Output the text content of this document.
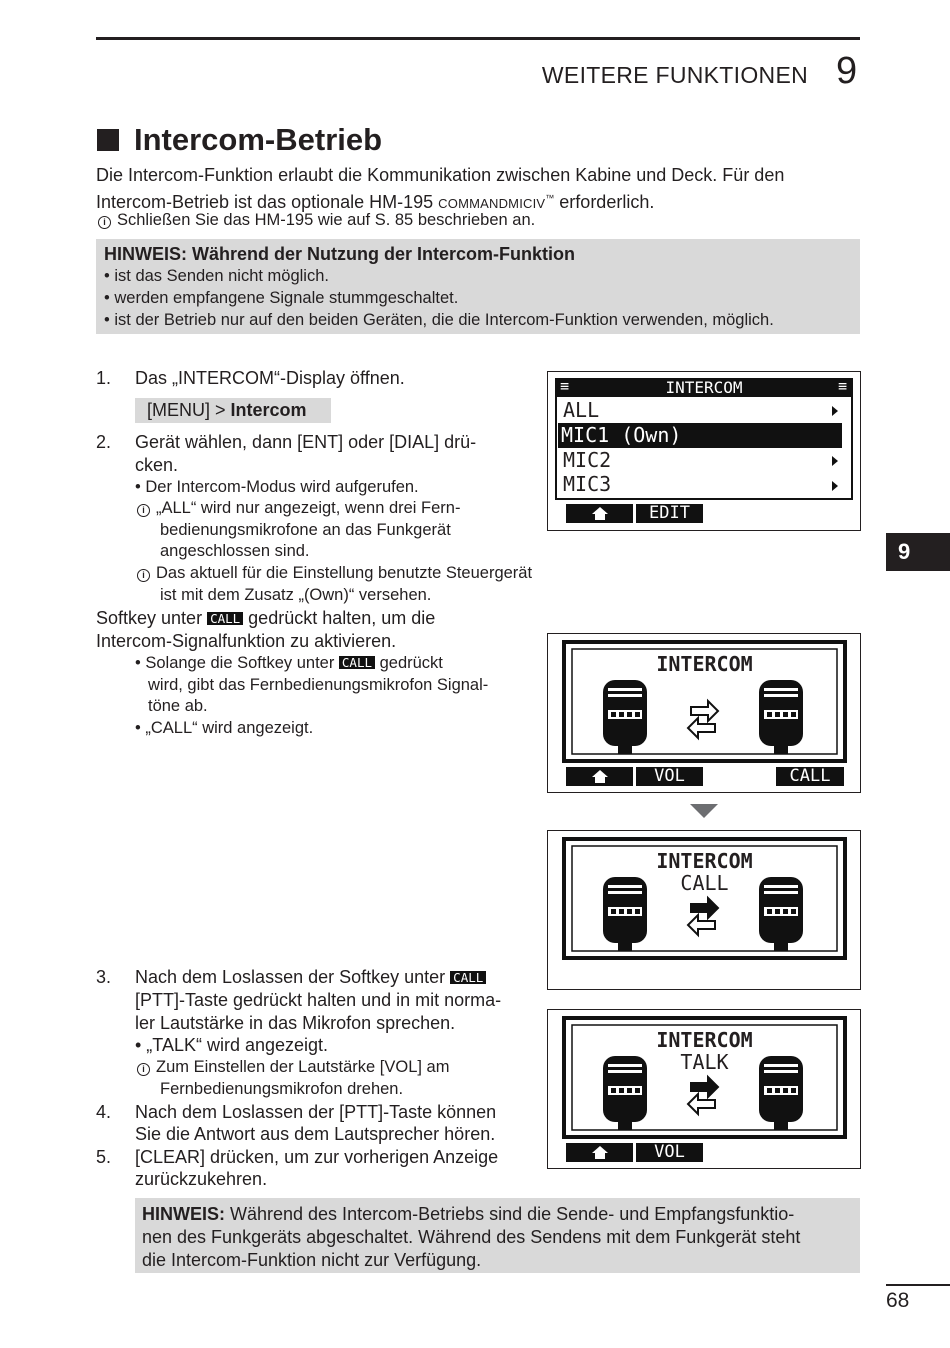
WEITERE FUNKTIONEN 9
Intercom-Betrieb
Die Intercom-Funktion erlaubt die Kommunikation zwischen Kabine und Deck. Für den
Intercom-Betrieb ist das optionale HM-195 COMMANDMICIV™ erforderlich.
i Schließen Sie das HM-195 wie auf S. 85 beschrieben an.
HINWEIS: Während der Nutzung der Intercom-Funktion
• ist das Senden nicht möglich.
• werden empfangene Signale stummgeschaltet.
• ist der Betrieb nur auf den beiden Geräten, die die Intercom-Funktion verwenden, möglich.
1. Das „INTERCOM“-Display öffnen.
[MENU] > Intercom
2. Gerät wählen, dann [ENT] oder [DIAL] drü-
cken.
• Der Intercom-Modus wird aufgerufen.
i „ALL“ wird nur angezeigt, wenn drei Fern-
bedienungsmikrofone an das Funkgerät
angeschlossen sind.
i Das aktuell für die Einstellung benutzte Steuergerät
ist mit dem Zusatz „(Own)“ versehen.
Softkey unter CALL gedrückt halten, um die
Intercom-Signalfunktion zu aktivieren.
• Solange die Softkey unter CALL gedrückt
wird, gibt das Fernbedienungsmikrofon Signal-
töne ab.
• „CALL“ wird angezeigt.
3. Nach dem Loslassen der Softkey unter CALL
[PTT]-Taste gedrückt halten und in mit norma-
ler Lautstärke in das Mikrofon sprechen.
• „TALK“ wird angezeigt.
i Zum Einstellen der Lautstärke [VOL] am
Fernbedienungsmikrofon drehen.
4. Nach dem Loslassen der [PTT]-Taste können
Sie die Antwort aus dem Lautsprecher hören.
5. [CLEAR] drücken, um zur vorherigen Anzeige
zurückzukehren.
HINWEIS: Während des Intercom-Betriebs sind die Sende- und Empfangsfunktio-
nen des Funkgeräts abgeschaltet. Während des Sendens mit dem Funkgerät steht
die Intercom-Funktion nicht zur Verfügung.
≡	INTERCOM	≡
ALL
MIC1 (Own)
MIC2
MIC3
EDIT
INTERCOM
VOL	CALL
INTERCOM
CALL
INTERCOM
TALK
VOL
9
68
